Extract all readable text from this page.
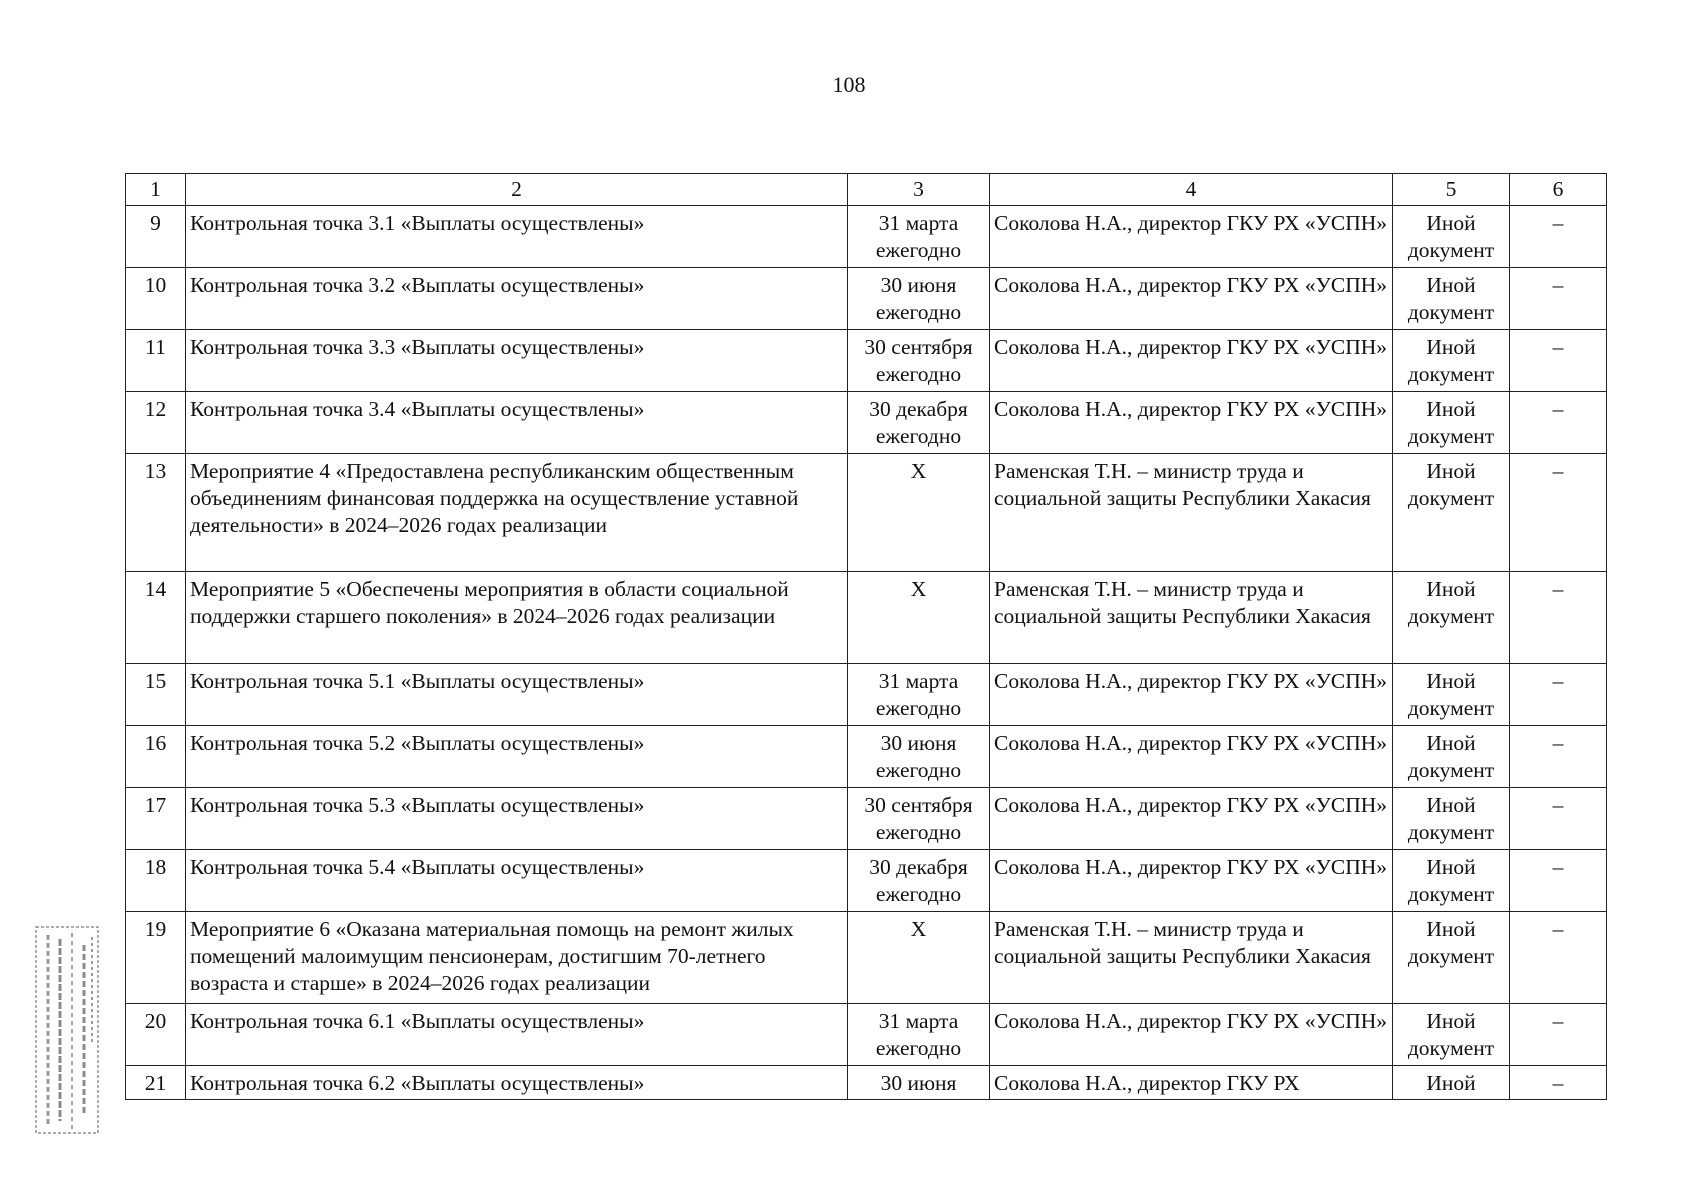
108
1	2	3	4	5	6
9	Контрольная точка 3.1 «Выплаты осуществлены»	31 марта ежегодно	Соколова Н.А., директор ГКУ РХ «УСПН»	Иной документ	–
10	Контрольная точка 3.2 «Выплаты осуществлены»	30 июня ежегодно	Соколова Н.А., директор ГКУ РХ «УСПН»	Иной документ	–
11	Контрольная точка 3.3 «Выплаты осуществлены»	30 сентября ежегодно	Соколова Н.А., директор ГКУ РХ «УСПН»	Иной документ	–
12	Контрольная точка 3.4 «Выплаты осуществлены»	30 декабря ежегодно	Соколова Н.А., директор ГКУ РХ «УСПН»	Иной документ	–
13	Мероприятие 4 «Предоставлена республиканским общественным объединениям финансовая поддержка на осуществление уставной деятельности» в 2024–2026 годах реализации	X	Раменская Т.Н. – министр труда и социальной защиты Республики Хакасия	Иной документ	–
14	Мероприятие 5 «Обеспечены мероприятия в области социальной поддержки старшего поколения» в 2024–2026 годах реализации	X	Раменская Т.Н. – министр труда и социальной защиты Республики Хакасия	Иной документ	–
15	Контрольная точка 5.1 «Выплаты осуществлены»	31 марта ежегодно	Соколова Н.А., директор ГКУ РХ «УСПН»	Иной документ	–
16	Контрольная точка 5.2 «Выплаты осуществлены»	30 июня ежегодно	Соколова Н.А., директор ГКУ РХ «УСПН»	Иной документ	–
17	Контрольная точка 5.3 «Выплаты осуществлены»	30 сентября ежегодно	Соколова Н.А., директор ГКУ РХ «УСПН»	Иной документ	–
18	Контрольная точка 5.4 «Выплаты осуществлены»	30 декабря ежегодно	Соколова Н.А., директор ГКУ РХ «УСПН»	Иной документ	–
19	Мероприятие 6 «Оказана материальная помощь на ремонт жилых помещений малоимущим пенсионерам, достигшим 70-летнего возраста и старше» в 2024–2026 годах реализации	X	Раменская Т.Н. – министр труда и социальной защиты Республики Хакасия	Иной документ	–
20	Контрольная точка 6.1 «Выплаты осуществлены»	31 марта ежегодно	Соколова Н.А., директор ГКУ РХ «УСПН»	Иной документ	–
21	Контрольная точка 6.2 «Выплаты осуществлены»	30 июня	Соколова Н.А., директор ГКУ РХ	Иной	–
